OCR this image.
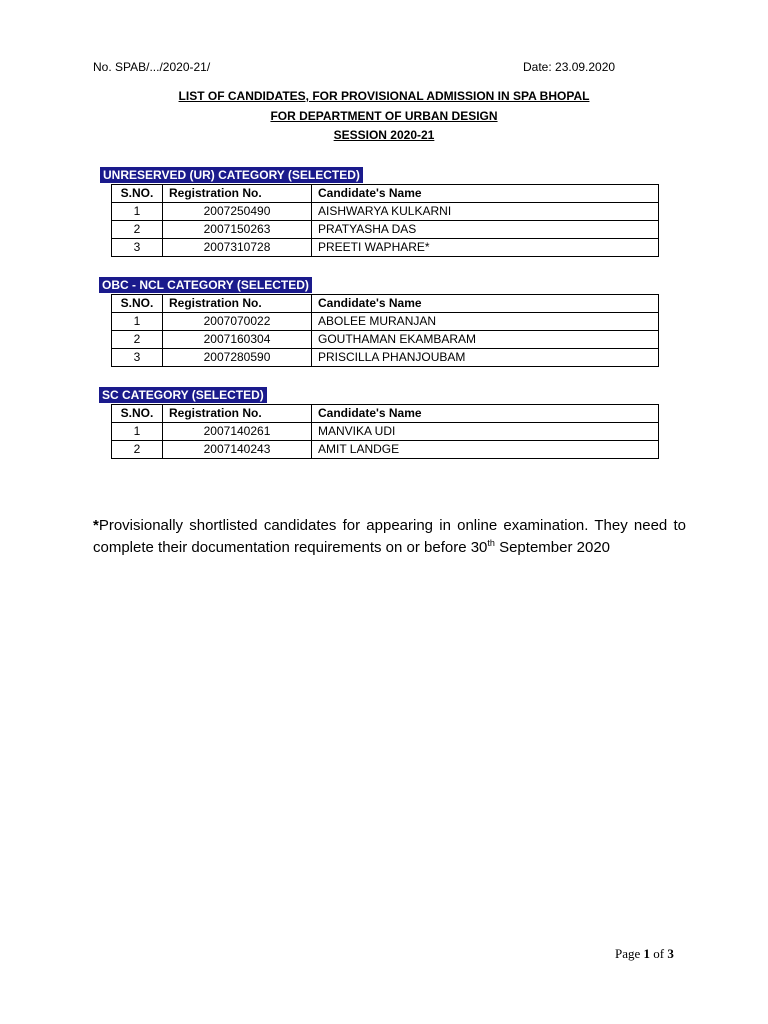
No. SPAB/.../2020-21/	Date: 23.09.2020
LIST OF CANDIDATES, FOR PROVISIONAL ADMISSION IN SPA BHOPAL
FOR DEPARTMENT OF URBAN DESIGN
SESSION 2020-21
UNRESERVED (UR) CATEGORY (SELECTED)
S.NO.	Registration No.	Candidate's Name
1	2007250490	AISHWARYA KULKARNI
2	2007150263	PRATYASHA DAS
3	2007310728	PREETI WAPHARE*
OBC - NCL CATEGORY (SELECTED)
S.NO.	Registration No.	Candidate's Name
1	2007070022	ABOLEE MURANJAN
2	2007160304	GOUTHAMAN EKAMBARAM
3	2007280590	PRISCILLA PHANJOUBAM
SC CATEGORY (SELECTED)
S.NO.	Registration No.	Candidate's Name
1	2007140261	MANVIKA UDI
2	2007140243	AMIT LANDGE
*Provisionally shortlisted candidates for appearing in online examination. They need to complete their documentation requirements on or before 30th September 2020
Page 1 of 3
